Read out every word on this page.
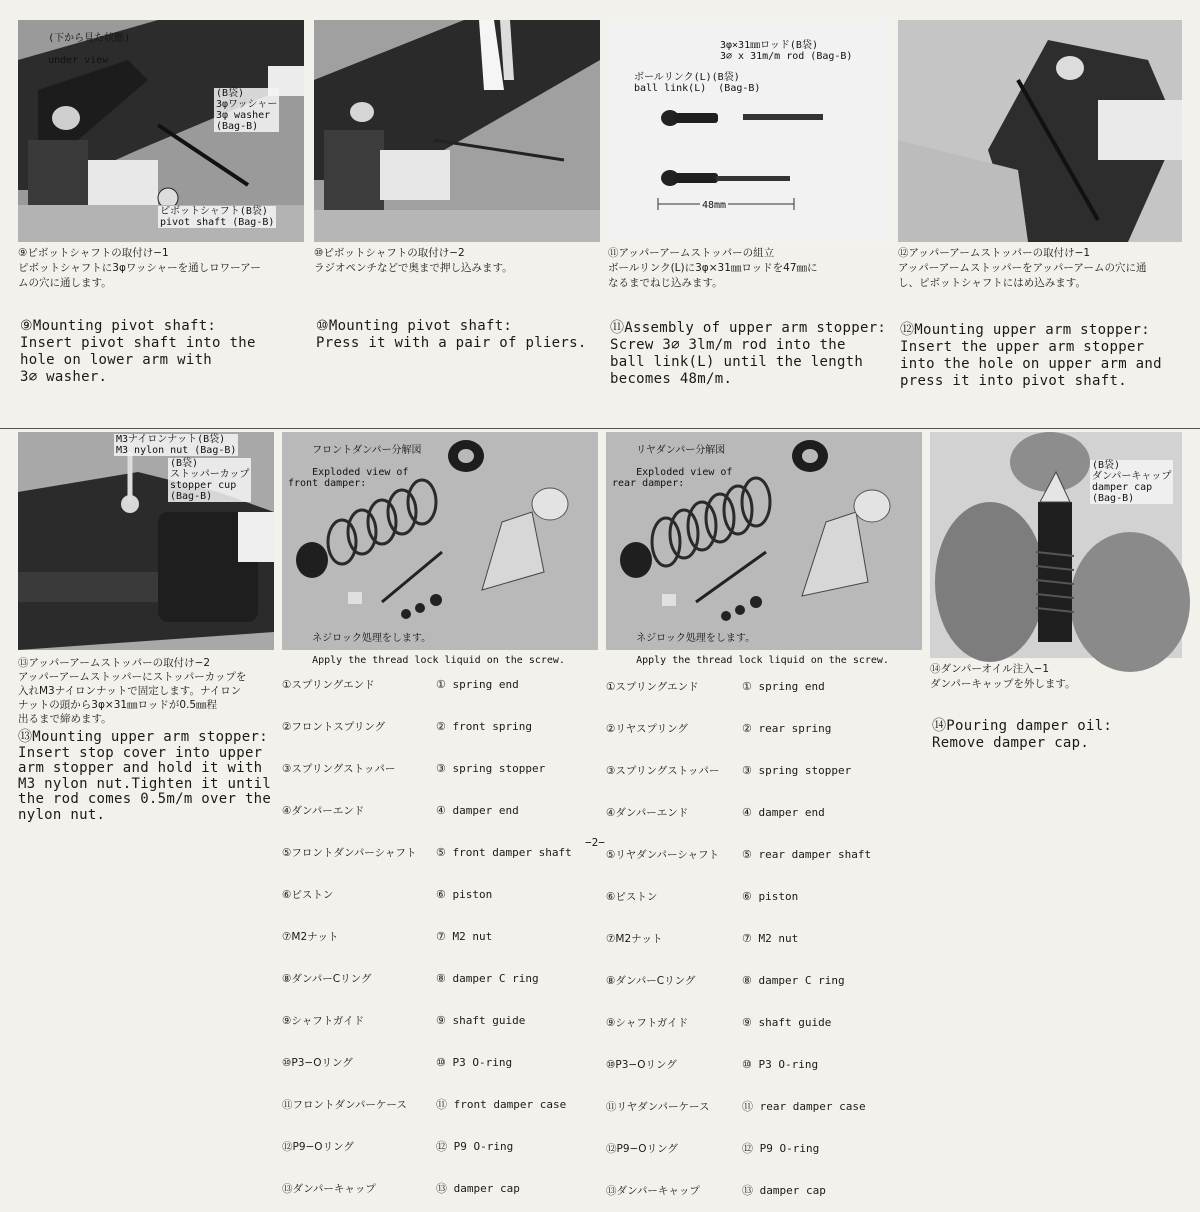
(下から見た状態)

under view

(B袋)
3φワッシャー
3φ washer
(Bag-B)
ピボットシャフト(B袋)
pivot shaft (Bag-B)
3φ×31㎜ロッド(B袋)
3∅ x 31m/m rod (Bag-B)
ボールリンク(L)(B袋)
ball link(L)  (Bag-B)
48mm
⑨ピボットシャフトの取付け−1
ピボットシャフトに3φワッシャーを通しロワーアー
ムの穴に通します。
⑩ピボットシャフトの取付け−2
ラジオペンチなどで奥まで押し込みます。
⑪アッパーアームストッパーの組立
ボールリンク(L)に3φ×31㎜ロッドを47㎜に
なるまでねじ込みます。
⑫アッパーアームストッパーの取付け−1
アッパーアームストッパーをアッパーアームの穴に通
し、ピボットシャフトにはめ込みます。
⑨Mounting pivot shaft:
Insert pivot shaft into the
hole on lower arm with
3∅ washer.
⑩Mounting pivot shaft:
Press it with a pair of pliers.
⑪Assembly of upper arm stopper:
Screw 3∅ 3lm/m rod into the
ball link(L) until the length
becomes 48m/m.
⑫Mounting upper arm stopper:
Insert the upper arm stopper
into the hole on upper arm and
press it into pivot shaft.
M3ナイロンナット(B袋)
M3 nylon nut (Bag-B)
(B袋)
ストッパーカップ
stopper cup
(Bag-B)

フロントダンパー分解図

Exploded view of
front damper:

ネジロック処理をします。

Apply the thread lock liquid on the screw.

リヤダンパー分解図

Exploded view of
rear damper:

ネジロック処理をします。

Apply the thread lock liquid on the screw.

(B袋)
ダンパーキャップ
damper cap
(Bag-B)
⑬アッパーアームストッパーの取付け−2
アッパーアームストッパーにストッパーカップを
入れM3ナイロンナットで固定します。ナイロン
ナットの頭から3φ×31㎜ロッドが0.5㎜程
出るまで締めます。
⑬Mounting upper arm stopper:
Insert stop cover into upper
arm stopper and hold it with
M3 nylon nut.Tighten it until
the rod comes 0.5m/m over the
nylon nut.

①スプリングエンド

②フロントスプリング

③スプリングストッパー

④ダンパーエンド

⑤フロントダンパーシャフト

⑥ピストン

⑦M2ナット

⑧ダンパーCリング

⑨シャフトガイド

⑩P3−Oリング

⑪フロントダンパーケース

⑫P9−Oリング

⑬ダンパーキャップ

① spring end

② front spring

③ spring stopper

④ damper end

⑤ front damper shaft

⑥ piston

⑦ M2 nut

⑧ damper C ring

⑨ shaft guide

⑩ P3 O-ring

⑪ front damper case

⑫ P9 O-ring

⑬ damper cap

①スプリングエンド

②リヤスプリング

③スプリングストッパー

④ダンパーエンド

⑤リヤダンパーシャフト

⑥ピストン

⑦M2ナット

⑧ダンパーCリング

⑨シャフトガイド

⑩P3−Oリング

⑪リヤダンパーケース

⑫P9−Oリング

⑬ダンパーキャップ

① spring end

② rear spring

③ spring stopper

④ damper end

⑤ rear damper shaft

⑥ piston

⑦ M2 nut

⑧ damper C ring

⑨ shaft guide

⑩ P3 O-ring

⑪ rear damper case

⑫ P9 O-ring

⑬ damper cap

⑭ダンパーオイル注入−1
ダンパーキャップを外します。
⑭Pouring damper oil:
Remove damper cap.
−2−
